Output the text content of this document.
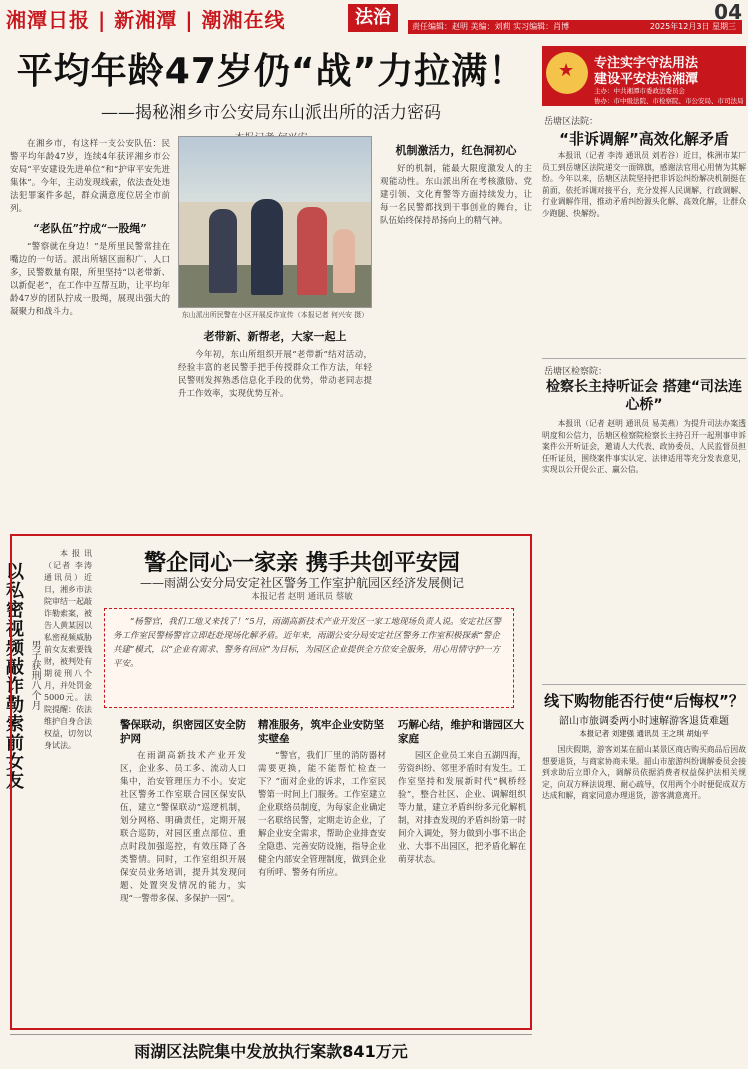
湘潭日报 | 新湘潭 | 潮湘在线	法治	责任编辑：赵明 美编：刘莉 实习编辑：肖博	2025年12月3日 星期三
04
平均年龄47岁仍“战”力拉满！
——揭秘湘乡市公安局东山派出所的活力密码

在湘乡市，有这样一支公安队伍：民警平均年龄47岁，连续4年获评湘乡市公安局“平安建设先进单位”和“护审平安先进集体”。今年，主动发现线索，依法查处违法犯罪案件多起，群众满意度位居全市前列。

“老队伍”拧成“一股绳”

“警察就在身边！”是所里民警常挂在嘴边的一句话。派出所辖区面积广、人口多，民警数量有限，所里坚持“以老带新、以新促老”，在工作中互帮互助，让平均年龄47岁的团队拧成一股绳，展现出强大的凝聚力和战斗力。	东山派出所民警在小区开展反诈宣传（本报记者 何兴安 摄）
老带新、新帮老，大家一起上

今年初，东山所组织开展“老带新”结对活动，经验丰富的老民警手把手传授群众工作方法，年轻民警则发挥熟悉信息化手段的优势，带动老同志提升工作效率，实现优势互补。

机制激活力，红色洞初心

好的机制，能最大限度激发人的主观能动性。东山派出所在考核激励、党建引领、文化育警等方面持续发力，让每一名民警都找到干事创业的舞台，让队伍始终保持昂扬向上的精气神。

以私密视频敲诈勒索前女友 男子获刑八个月

本报讯（记者 李涛 通讯员）近日，湘乡市法院审结一起敲诈勒索案，被告人黄某因以私密视频威胁前女友索要钱财，被判处有期徒刑八个月，并处罚金5000元。法院提醒：依法维护自身合法权益，切勿以身试法。

警企同心一家亲 携手共创平安园
——雨湖公安分局安定社区警务工作室护航园区经济发展侧记
本报记者 赵明 通讯员 蔡敏
“杨警官，我们工地又来找了！”5月，雨湖高新技术产业开发区一家工地现场负责人说。安定社区警务工作室民警杨警官立即赶赴现场化解矛盾。近年来，雨湖公安分局安定社区警务工作室积极探索“警企共建”模式，以“企业有需求、警务有回应”为目标，为园区企业提供全方位安全服务，用心用情守护一方平安。
警保联动，织密园区安全防护网

在雨湖高新技术产业开发区，企业多、员工多、流动人口集中，治安管理压力不小。安定社区警务工作室联合园区保安队伍，建立“警保联动”巡逻机制，划分网格、明确责任，定期开展联合巡防，对园区重点部位、重点时段加强巡控，有效压降了各类警情。同时，工作室组织开展保安员业务培训，提升其发现问题、处置突发情况的能力，实现“一警带多保、多保护一园”。

精准服务，筑牢企业安防坚实壁垒

“警官，我们厂里的消防器材需要更换，能不能帮忙检查一下？”面对企业的诉求，工作室民警第一时间上门服务。工作室建立企业联络员制度，为每家企业确定一名联络民警，定期走访企业，了解企业安全需求，帮助企业排查安全隐患、完善安防设施，指导企业健全内部安全管理制度，做到企业有所呼、警务有所应。

巧解心结，维护和谐园区大家庭

园区企业员工来自五湖四海，劳资纠纷、邻里矛盾时有发生。工作室坚持和发展新时代“枫桥经验”，整合社区、企业、调解组织等力量，建立矛盾纠纷多元化解机制，对排查发现的矛盾纠纷第一时间介入调处，努力做到小事不出企业、大事不出园区，把矛盾化解在萌芽状态。

雨湖区法院集中发放执行案款841万元
★
专注实字守法用法
建设平安法治湘潭
主办：中共湘潭市委政法委员会
协办：市中级法院、市检察院、市公安局、市司法局
岳塘区法院：
“非诉调解”高效化解矛盾

本报讯（记者 李涛 通讯员 刘若谷）近日，株洲市某厂员工到岳塘区法院递交一面锦旗，感谢法官用心用情为其解纷。今年以来，岳塘区法院坚持把非诉讼纠纷解决机制挺在前面，依托诉调对接平台，充分发挥人民调解、行政调解、行业调解作用，推动矛盾纠纷源头化解、高效化解，让群众少跑腿、快解纷。

岳塘区检察院：
检察长主持听证会 搭建“司法连心桥”

本报讯（记者 赵明 通讯员 易美燕）为提升司法办案透明度和公信力，岳塘区检察院检察长主持召开一起刑事申诉案件公开听证会，邀请人大代表、政协委员、人民监督员担任听证员，围绕案件事实认定、法律适用等充分发表意见，实现以公开促公正、赢公信。

线下购物能否行使“后悔权”？
韶山市旅调委两小时速解游客退货难题
本报记者 刘建强 通讯员 王之琪 胡灿平

国庆假期，游客刘某在韶山某景区商店购买商品后因故想要退货，与商家协商未果。韶山市旅游纠纷调解委员会接到求助后立即介入，调解员依据消费者权益保护法相关规定，向双方释法说理、耐心疏导，仅用两个小时便促成双方达成和解，商家同意办理退货，游客满意离开。
